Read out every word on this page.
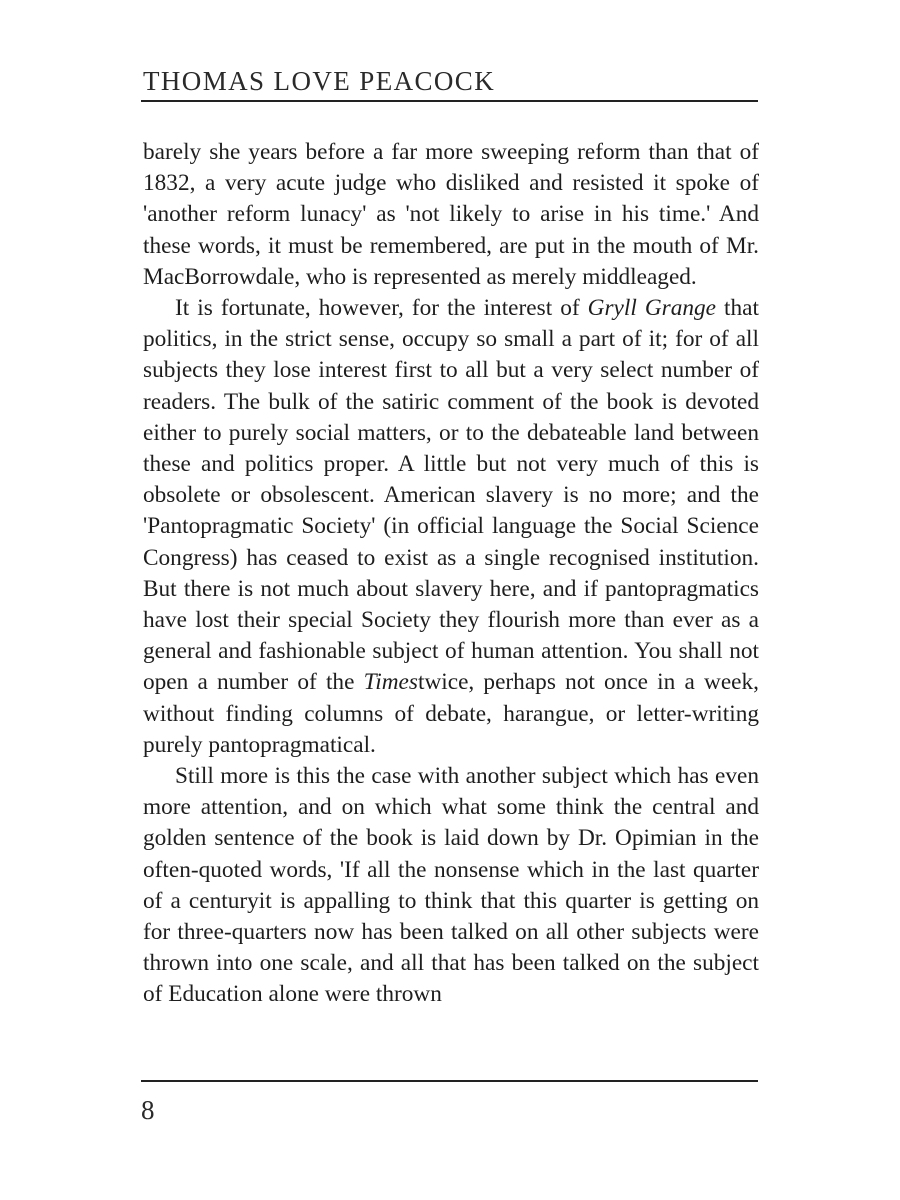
THOMAS LOVE PEACOCK

barely she years before a far more sweeping reform than that of 1832, a very acute judge who disliked and resisted it spoke of 'another reform lunacy' as 'not likely to arise in his time.' And these words, it must be remembered, are put in the mouth of Mr. MacBorrowdale, who is represented as merely middleaged.

It is fortunate, however, for the interest of Gryll Grange that politics, in the strict sense, occupy so small a part of it; for of all subjects they lose interest first to all but a very select number of readers. The bulk of the satiric comment of the book is devoted either to purely social matters, or to the debateable land between these and politics proper. A little but not very much of this is obsolete or obsolescent. American slavery is no more; and the 'Pantopragmatic Society' (in official language the Social Science Congress) has ceased to exist as a single recognised institution. But there is not much about slavery here, and if pantopragmatics have lost their special Society they flourish more than ever as a general and fashionable subject of human attention. You shall not open a number of the Timestwice, perhaps not once in a week, without finding columns of debate, harangue, or letter-writing purely pantopragmatical.

Still more is this the case with another subject which has even more attention, and on which what some think the central and golden sentence of the book is laid down by Dr. Opimian in the often-quoted words, 'If all the nonsense which in the last quarter of a centuryit is appalling to think that this quarter is getting on for three-quarters now has been talked on all other subjects were thrown into one scale, and all that has been talked on the subject of Education alone were thrown

8
